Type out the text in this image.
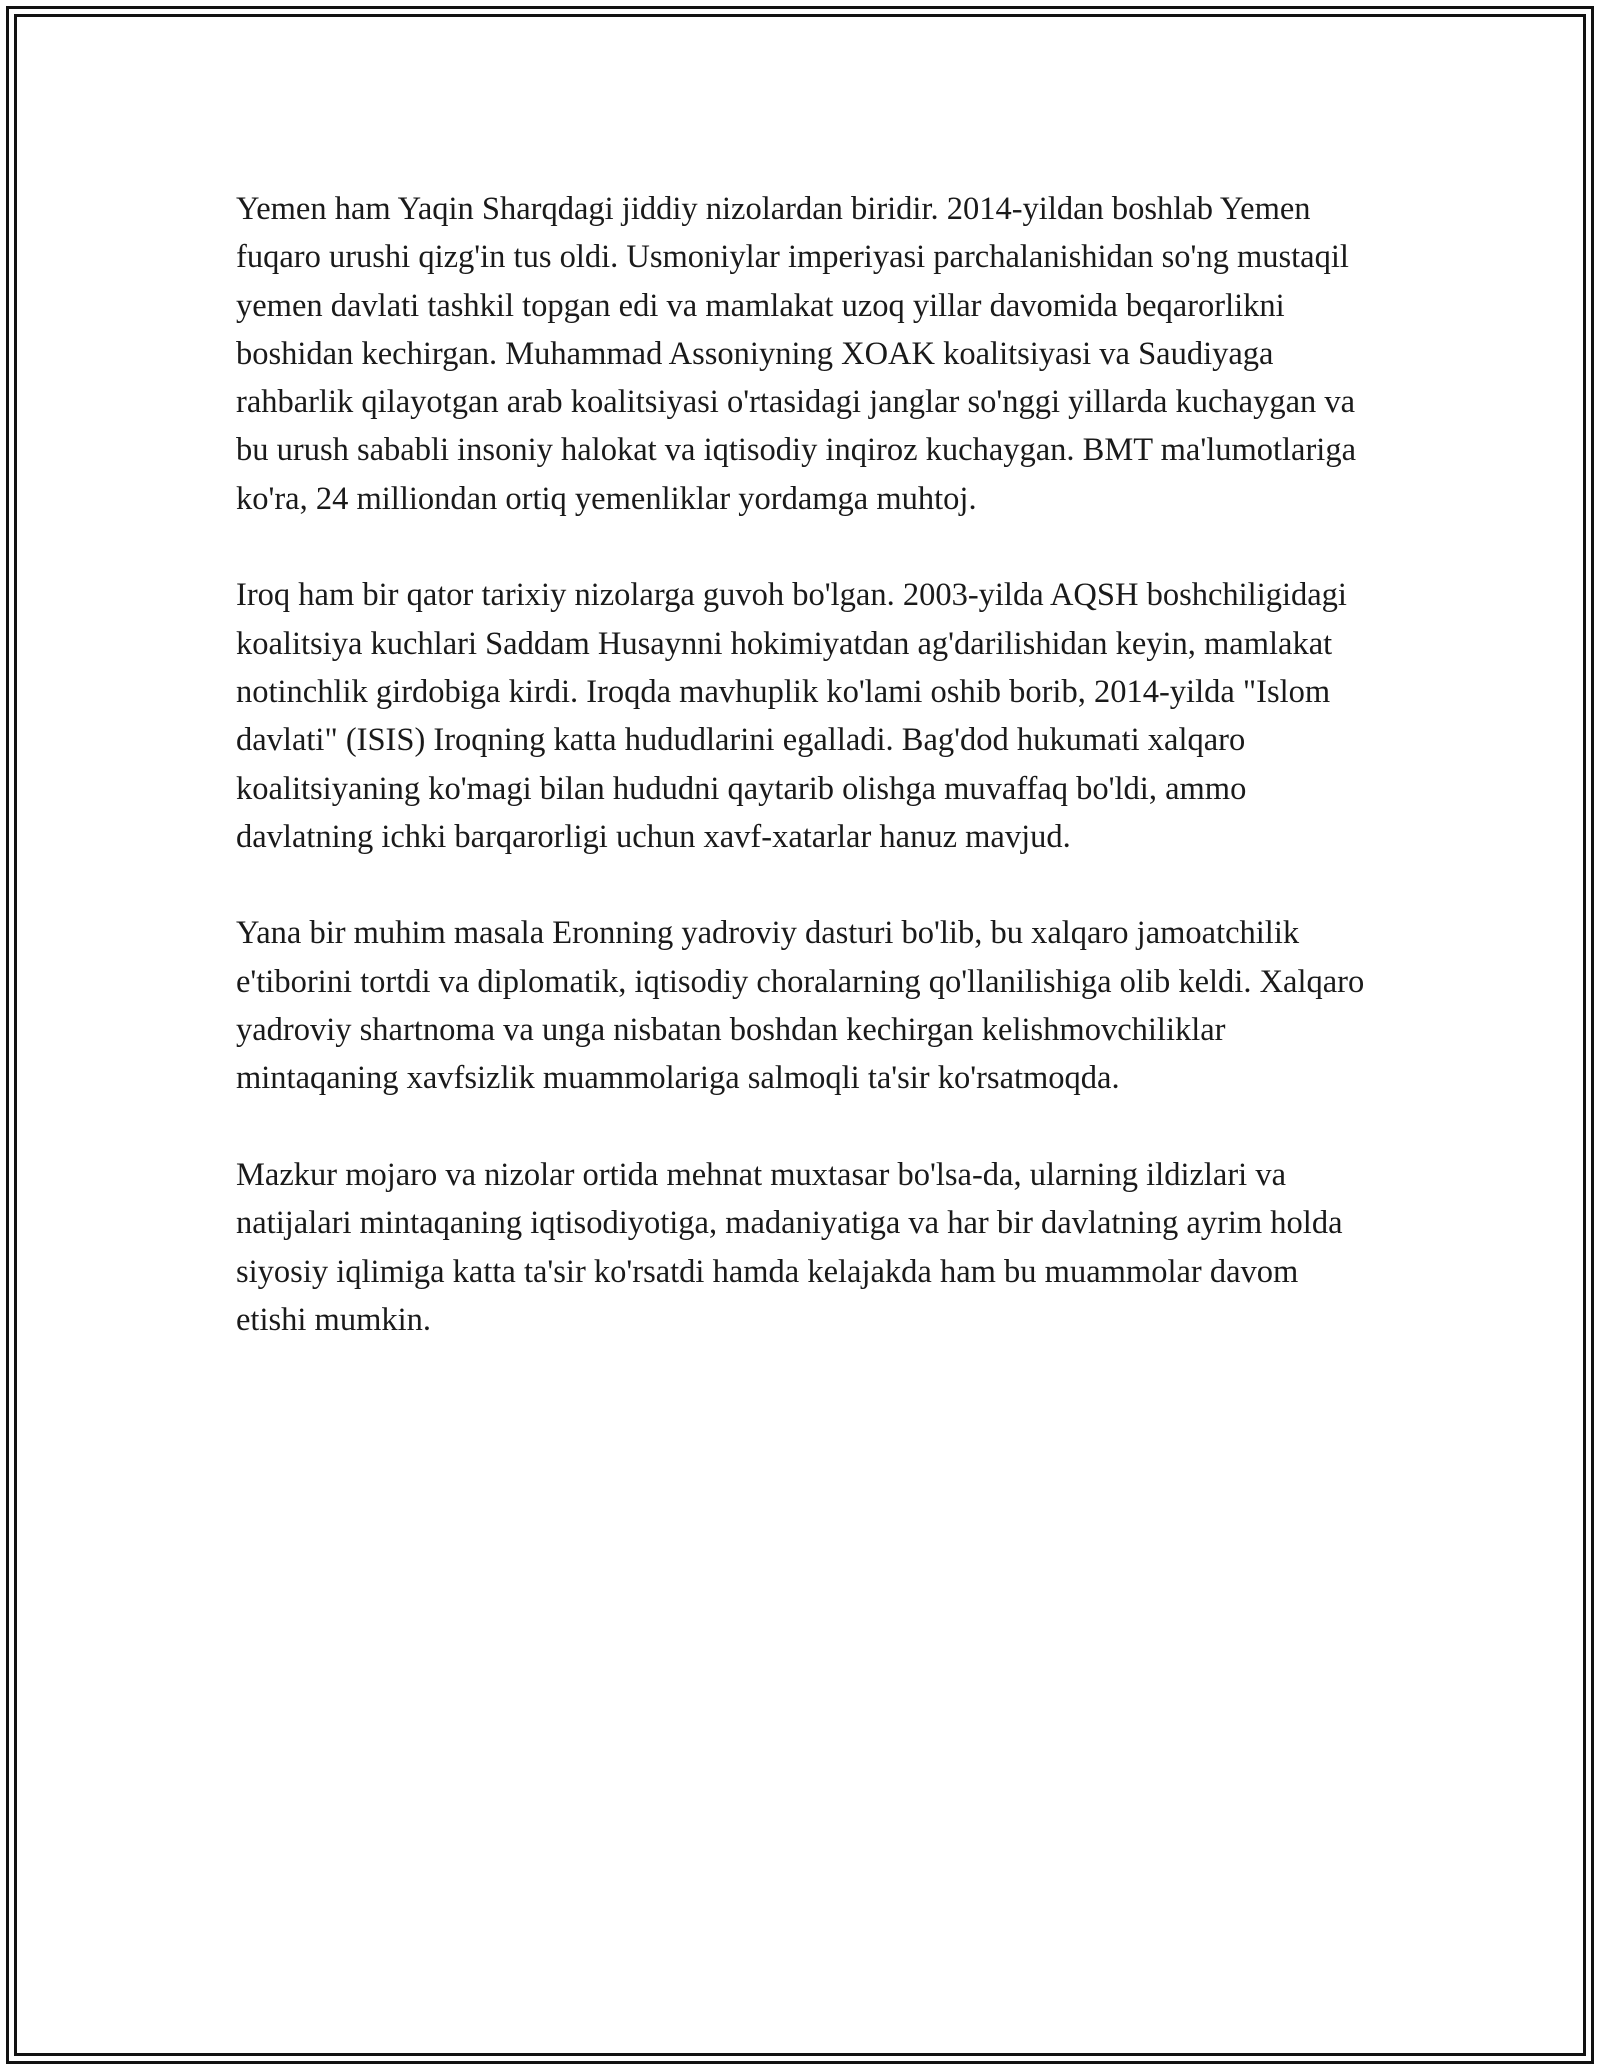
Yemen ham Yaqin Sharqdagi jiddiy nizolardan biridir. 2014-yildan boshlab Yemen fuqaro urushi qizg'in tus oldi. Usmoniylar imperiyasi parchalanishidan so'ng mustaqil yemen davlati tashkil topgan edi va mamlakat uzoq yillar davomida beqarorlikni boshidan kechirgan. Muhammad Assoniyning XOAK koalitsiyasi va Saudiyaga rahbarlik qilayotgan arab koalitsiyasi o'rtasidagi janglar so'nggi yillarda kuchaygan va bu urush sababli insoniy halokat va iqtisodiy inqiroz kuchaygan. BMT ma'lumotlariga ko'ra, 24 milliondan ortiq yemenliklar yordamga muhtoj.

Iroq ham bir qator tarixiy nizolarga guvoh bo'lgan. 2003-yilda AQSH boshchiligidagi koalitsiya kuchlari Saddam Husaynni hokimiyatdan ag'darilishidan keyin, mamlakat notinchlik girdobiga kirdi. Iroqda mavhuplik ko'lami oshib borib, 2014-yilda "Islom davlati" (ISIS) Iroqning katta hududlarini egalladi. Bag'dod hukumati xalqaro koalitsiyaning ko'magi bilan hududni qaytarib olishga muvaffaq bo'ldi, ammo davlatning ichki barqarorligi uchun xavf-xatarlar hanuz mavjud.

Yana bir muhim masala Eronning yadroviy dasturi bo'lib, bu xalqaro jamoatchilik e'tiborini tortdi va diplomatik, iqtisodiy choralarning qo'llanilishiga olib keldi. Xalqaro yadroviy shartnoma va unga nisbatan boshdan kechirgan kelishmovchiliklar mintaqaning xavfsizlik muammolariga salmoqli ta'sir ko'rsatmoqda.

Mazkur mojaro va nizolar ortida mehnat muxtasar bo'lsa-da, ularning ildizlari va natijalari mintaqaning iqtisodiyotiga, madaniyatiga va har bir davlatning ayrim holda siyosiy iqlimiga katta ta'sir ko'rsatdi hamda kelajakda ham bu muammolar davom etishi mumkin.
